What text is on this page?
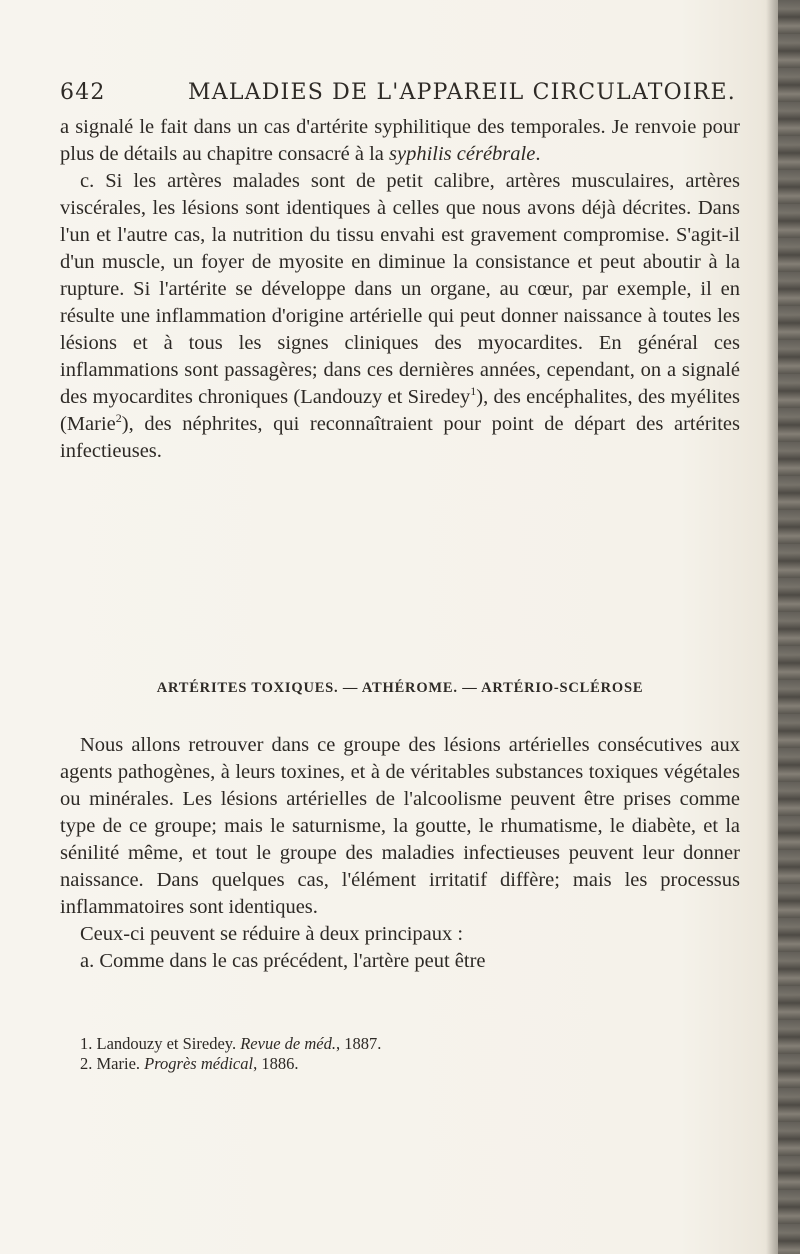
642	MALADIES DE L'APPAREIL CIRCULATOIRE.

a signalé le fait dans un cas d'artérite syphilitique des temporales. Je renvoie pour plus de détails au chapitre consacré à la syphilis cérébrale.

c. Si les artères malades sont de petit calibre, artères musculaires, artères viscérales, les lésions sont identiques à celles que nous avons déjà décrites. Dans l'un et l'autre cas, la nutrition du tissu envahi est gravement compromise. S'agit-il d'un muscle, un foyer de myosite en diminue la consistance et peut aboutir à la rupture. Si l'artérite se développe dans un organe, au cœur, par exemple, il en résulte une inflammation d'origine artérielle qui peut donner naissance à toutes les lésions et à tous les signes cliniques des myocardites. En général ces inflammations sont passagères; dans ces dernières années, cependant, on a signalé des myocardites chroniques (Landouzy et Siredey$^1$), des encéphalites, des myélites (Marie$^2$), des néphrites, qui reconnaîtraient pour point de départ des artérites infectieuses.

ARTÉRITES TOXIQUES. — ATHÉROME. — ARTÉRIO-SCLÉROSE

Nous allons retrouver dans ce groupe des lésions artérielles consécutives aux agents pathogènes, à leurs toxines, et à de véritables substances toxiques végétales ou minérales. Les lésions artérielles de l'alcoolisme peuvent être prises comme type de ce groupe; mais le saturnisme, la goutte, le rhumatisme, le diabète, et la sénilité même, et tout le groupe des maladies infectieuses peuvent leur donner naissance. Dans quelques cas, l'élément irritatif diffère; mais les processus inflammatoires sont identiques.

Ceux-ci peuvent se réduire à deux principaux :

a. Comme dans le cas précédent, l'artère peut être

1. Landouzy et Siredey. Revue de méd., 1887.

2. Marie. Progrès médical, 1886.
